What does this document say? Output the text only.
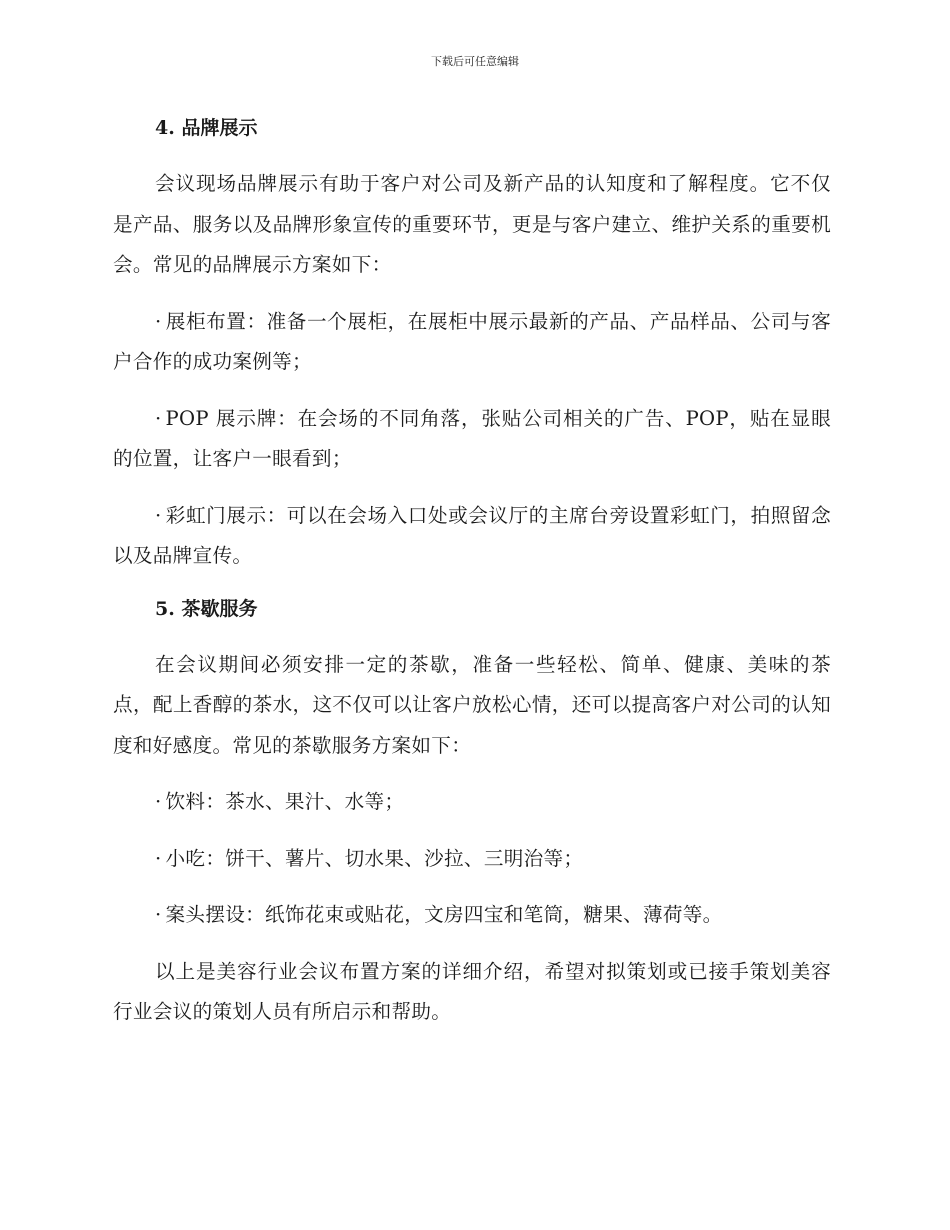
下载后可任意编辑
4. 品牌展示

会议现场品牌展示有助于客户对公司及新产品的认知度和了解程度。它不仅是产品、服务以及品牌形象宣传的重要环节，更是与客户建立、维护关系的重要机会。常见的品牌展示方案如下：

· 展柜布置：准备一个展柜，在展柜中展示最新的产品、产品样品、公司与客户合作的成功案例等；

· POP 展示牌：在会场的不同角落，张贴公司相关的广告、POP，贴在显眼的位置，让客户一眼看到；

· 彩虹门展示：可以在会场入口处或会议厅的主席台旁设置彩虹门，拍照留念以及品牌宣传。

5. 茶歇服务

在会议期间必须安排一定的茶歇，准备一些轻松、简单、健康、美味的茶点，配上香醇的茶水，这不仅可以让客户放松心情，还可以提高客户对公司的认知度和好感度。常见的茶歇服务方案如下：

· 饮料：茶水、果汁、水等；

· 小吃：饼干、薯片、切水果、沙拉、三明治等；

· 案头摆设：纸饰花束或贴花，文房四宝和笔筒，糖果、薄荷等。

以上是美容行业会议布置方案的详细介绍，希望对拟策划或已接手策划美容行业会议的策划人员有所启示和帮助。
